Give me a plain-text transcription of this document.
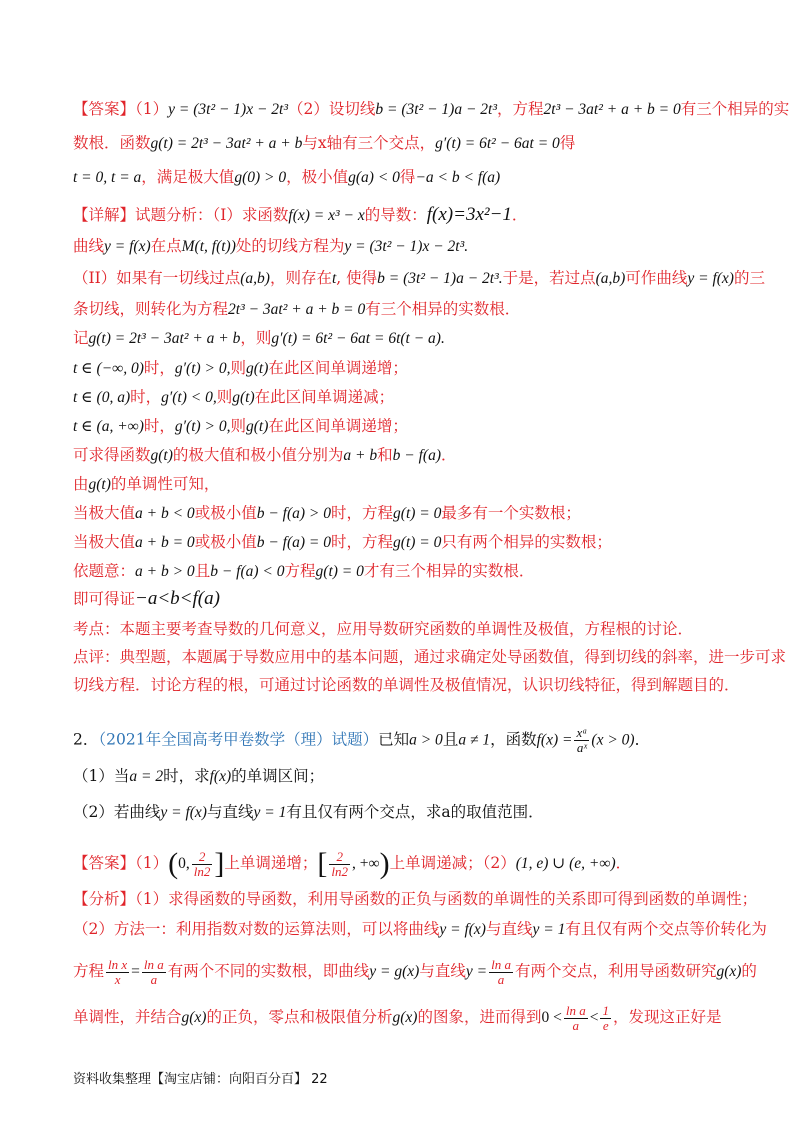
【答案】（1）y = (3t² − 1)x − 2t³（2）设切线b = (3t² − 1)a − 2t³，方程2t³ − 3at² + a + b = 0有三个相异的实
数根．函数g(t) = 2t³ − 3at² + a + b与x轴有三个交点，g′(t) = 6t² − 6at = 0得
t = 0, t = a，满足极大值g(0) > 0，极小值g(a) < 0得−a < b < f(a)
【详解】试题分析：（I）求函数f(x) = x³ − x的导数：f(x)=3x²−1．
曲线y = f(x)在点M(t, f(t))处的切线方程为y = (3t² − 1)x − 2t³.
（II）如果有一切线过点(a,b)，则存在t, 使得b = (3t² − 1)a − 2t³.于是，若过点(a,b)可作曲线y = f(x)的三
条切线，则转化为方程2t³ − 3at² + a + b = 0有三个相异的实数根．
记g(t) = 2t³ − 3at² + a + b，则g′(t) = 6t² − 6at = 6t(t − a).
t ∈ (−∞, 0)时，g′(t) > 0,则g(t)在此区间单调递增；
t ∈ (0, a)时，g′(t) < 0,则g(t)在此区间单调递减；
t ∈ (a, +∞)时，g′(t) > 0,则g(t)在此区间单调递增；
可求得函数g(t)的极大值和极小值分别为a + b和b − f(a)．
由g(t)的单调性可知，
当极大值a + b < 0或极小值b − f(a) > 0时，方程g(t) = 0最多有一个实数根；
当极大值a + b = 0或极小值b − f(a) = 0时，方程g(t) = 0只有两个相异的实数根；
依题意：a + b > 0且b − f(a) < 0方程g(t) = 0才有三个相异的实数根．
即可得证−a<b<f(a)
考点：本题主要考查导数的几何意义，应用导数研究函数的单调性及极值，方程根的讨论．
点评：典型题，本题属于导数应用中的基本问题，通过求确定处导函数值，得到切线的斜率，进一步可求
切线方程．讨论方程的根，可通过讨论函数的单调性及极值情况，认识切线特征，得到解题目的．
2．（2021年全国高考甲卷数学（理）试题）已知a > 0且a ≠ 1，函数$f(x) = \frac{\text{xᵃ}}{\text{aˣ}} (x > 0)$．
（1）当a = 2时，求f(x)的单调区间；
（2）若曲线y = f(x)与直线y = 1有且仅有两个交点，求a的取值范围．
【答案】（1）(0, $\frac{2}{\ln 2}$ ]上单调递增；[ $\frac{2}{\ln 2}$ , +∞)上单调递减；（2）(1, e) ∪ (e, +∞)．
【分析】（1）求得函数的导函数，利用导函数的正负与函数的单调性的关系即可得到函数的单调性；
（2）方法一：利用指数对数的运算法则，可以将曲线y = f(x)与直线y = 1有且仅有两个交点等价转化为
方程 $\frac{\text{ln x}}{x} = \frac{\text{ln a}}{a}$ 有两个不同的实数根，即曲线y = g(x)与直线$y = \frac{\text{ln a}}{a}$ 有两个交点，利用导函数研究g(x)的
单调性，并结合g(x)的正负，零点和极限值分析g(x)的图象，进而得到$0 < \frac{\text{ln a}}{a} < \frac{1}{e}$ ，发现这正好是
资料收集整理【淘宝店铺：向阳百分百】 22
